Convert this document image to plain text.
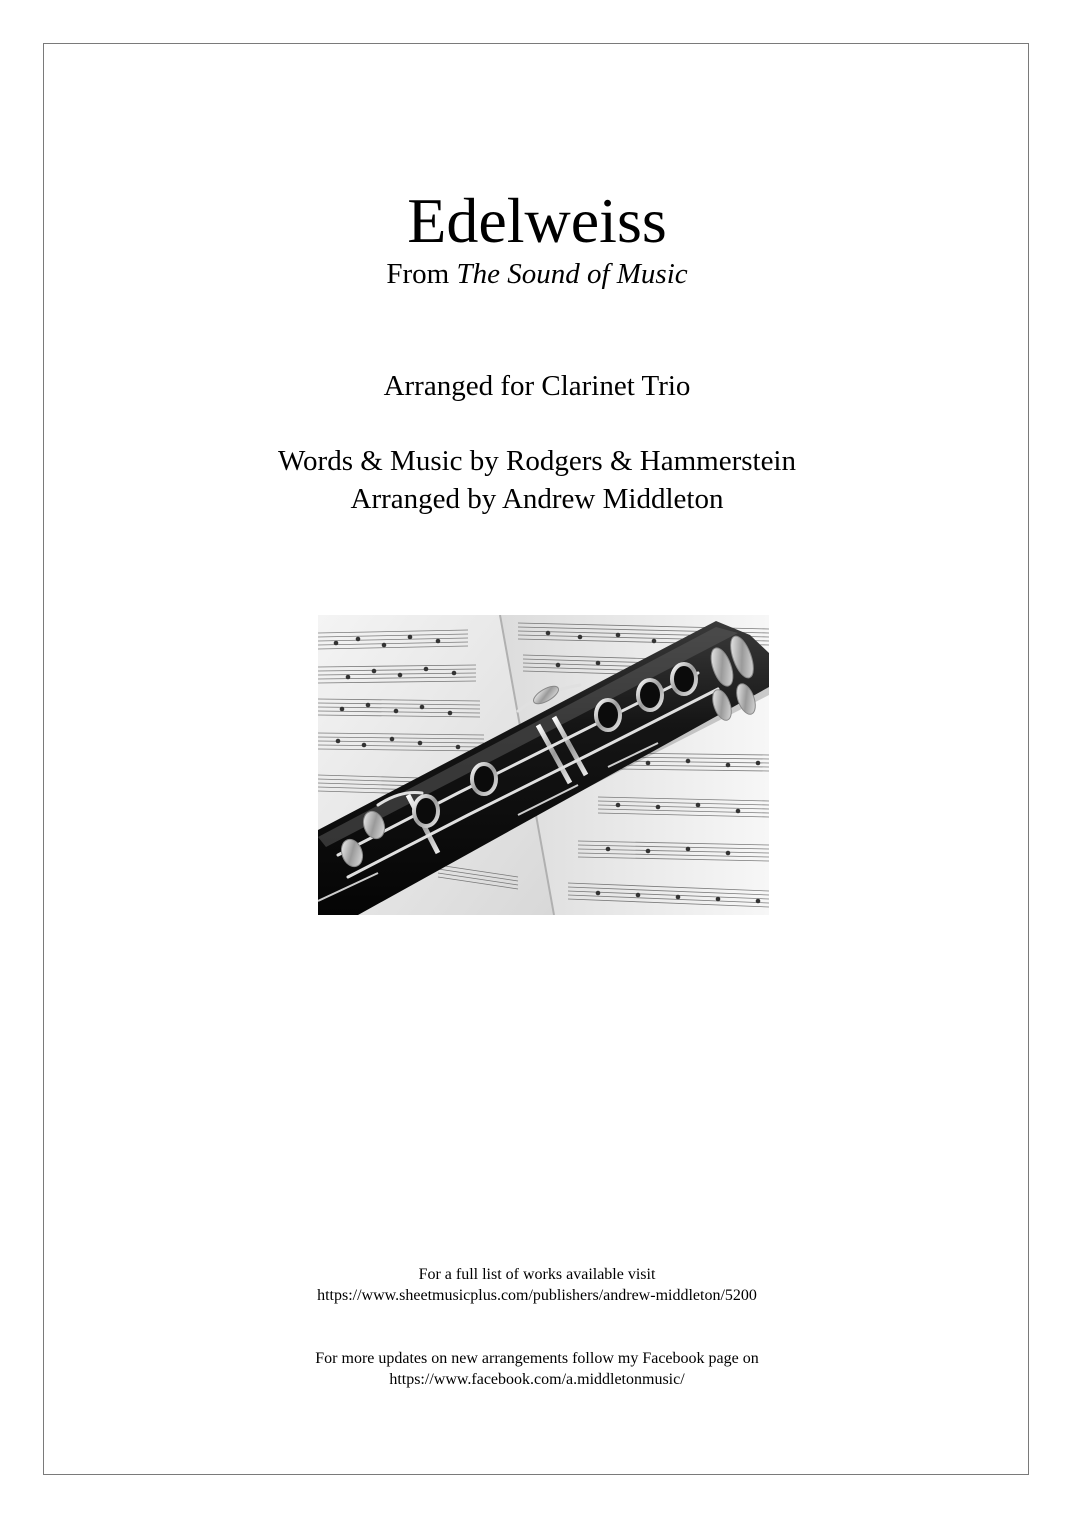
Edelweiss
From The Sound of Music
Arranged for Clarinet Trio
Words & Music by Rodgers & Hammerstein
Arranged by Andrew Middleton
For a full list of works available visit
https://www.sheetmusicplus.com/publishers/andrew-middleton/5200
For more updates on new arrangements follow my Facebook page on
https://www.facebook.com/a.middletonmusic/
